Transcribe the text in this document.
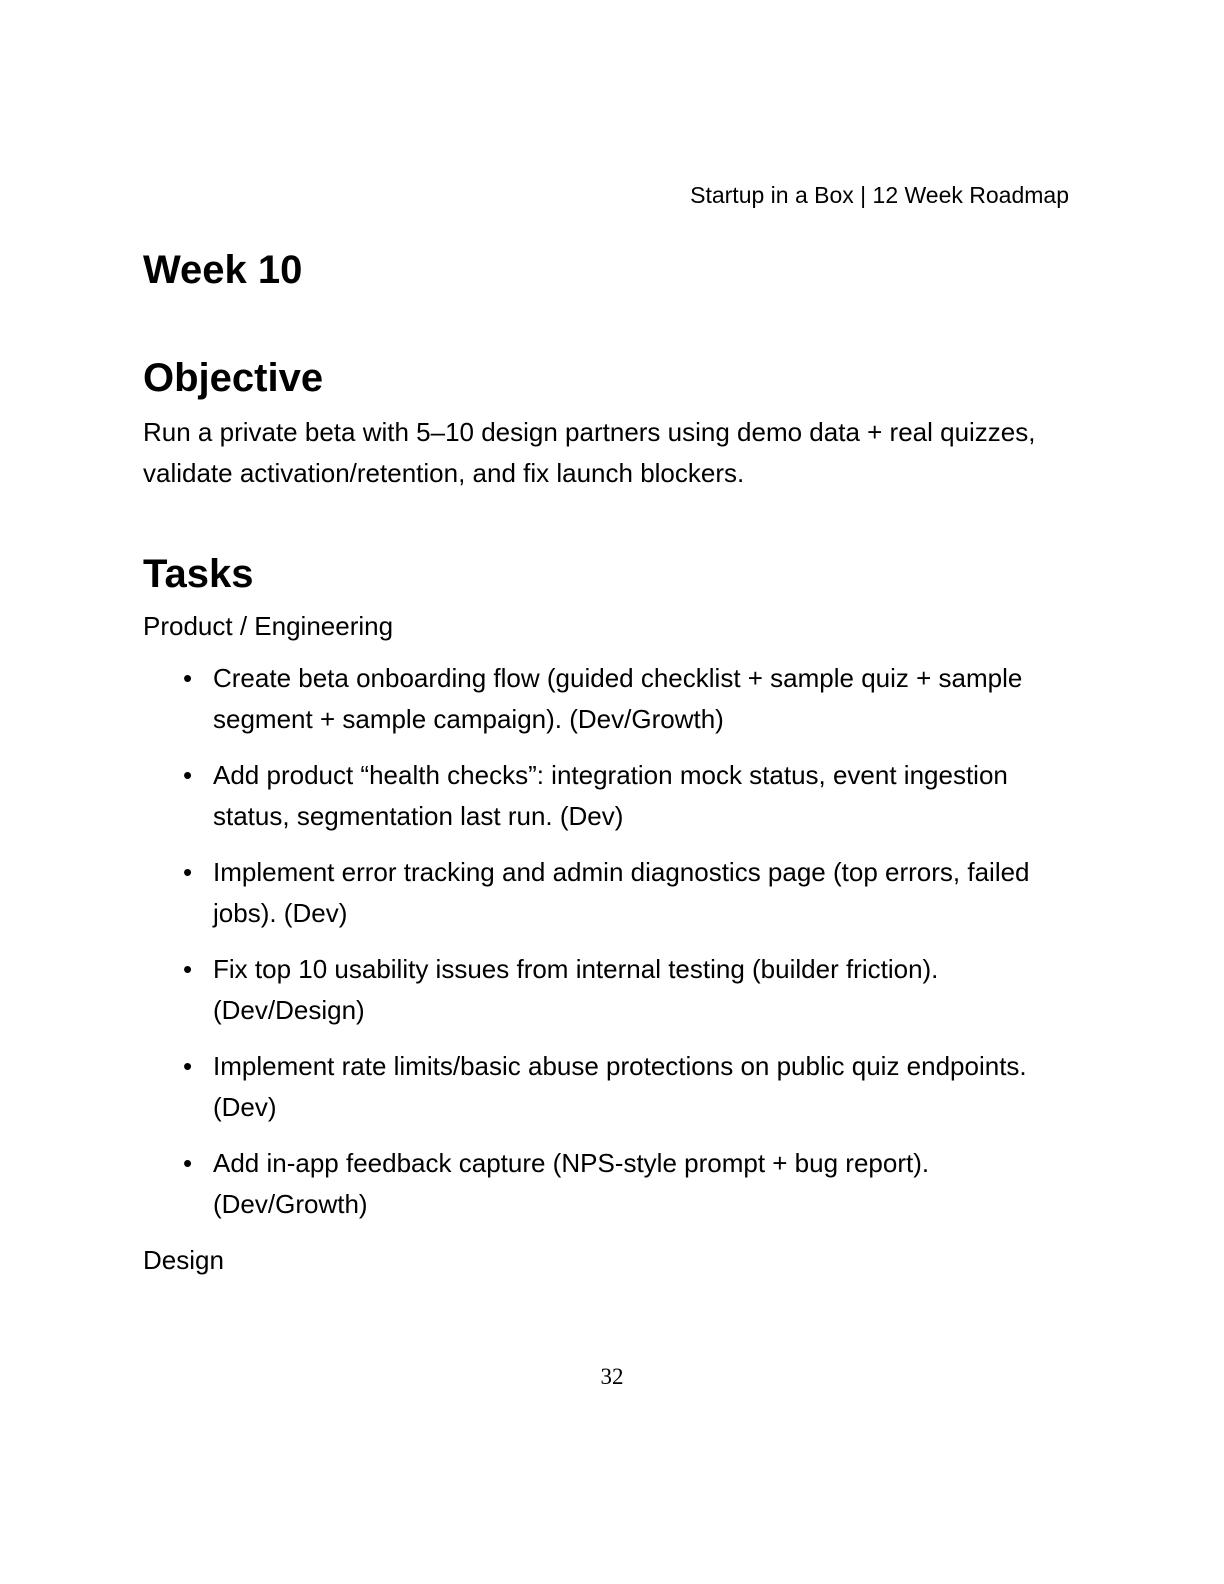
Startup in a Box | 12 Week Roadmap
Week 10
Objective

Run a private beta with 5–10 design partners using demo data + real quizzes, validate activation/retention, and fix launch blockers.

Tasks
Product / Engineering
• Create beta onboarding flow (guided checklist + sample quiz + sample segment + sample campaign). (Dev/Growth)
• Add product “health checks”: integration mock status, event ingestion status, segmentation last run. (Dev)
• Implement error tracking and admin diagnostics page (top errors, failed jobs). (Dev)
• Fix top 10 usability issues from internal testing (builder friction). (Dev/Design)
• Implement rate limits/basic abuse protections on public quiz endpoints. (Dev)
• Add in-app feedback capture (NPS-style prompt + bug report). (Dev/Growth)
Design
32
